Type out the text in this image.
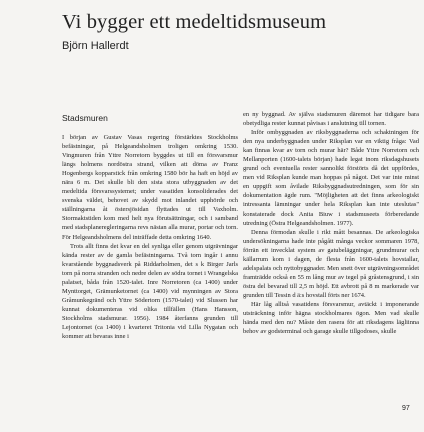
Vi bygger ett medeltidsmuseum
Björn Hallerdt
Stadsmuren

I början av Gustav Vasas regering förstärktes Stockholms befästningar, på Helgeandsholmen troligen omkring 1530. Vingmuren från Yttre Norretorn byggdes ut till en försvarsmur längs holmens nordöstra strand, vilken att döma av Franz Hogenbergs kopparstick från omkring 1580 bör ha haft en höjd av nära 6 m. Det skulle bli den sista stora utbyggnaden av det medeltida försvarssystemet; under vasatiden konsoliderades det svenska väldet, behovet av skydd mot inlandet upphörde och ställningarna åt östersjösidan flyttades ut till Vaxholm. Stormaktstiden kom med helt nya förutsättningar, och i samband med stadsplaneregleringarna revs nästan alla murar, portar och torn. För Helgeandsholmens del inträffade detta omkring 1640.

Trots allt finns det kvar en del synliga eller genom utgrävningar kända rester av de gamla befästningarna. Två torn ingår i annu kvarstående byggnadsverk på Riddarholmen, det s k Birger Jarls torn på norra stranden och nedre delen av södra tornet i Wrangelska palatset, båda från 1520-talet. Inre Norretoren (ca 1400) under Mynttorget, Grämunketornet (ca 1400) vid mynningen av Stora Gråmunkegränd och Yttre Södertorn (1570-talet) vid Slussen har kunnat dokumenteras vid olika tillfällen (Hans Hansson, Stockholms stadsmurar. 1956). 1984 återfanns grunden till Lejontornet (ca 1400) i kvarteret Tritonia vid Lilla Nygatan och kommer att bevaras inne i

en ny byggnad. Av själva stadsmuren däremot har tidigare bara obetydliga rester kunnat påvisas i anslutning till tornen.

Inför ombyggnaden av riksbyggnaderna och schaktningen för den nya underbyggnaden under Riksplan var en viktig fråga: Vad kan finnas kvar av torn och murar här? Både Yttre Norretorn och Mellanporten (1600-talets början) hade legat inom riksdagshusets grund och eventuella rester sannolikt förstörts då det uppfördes, men vid Riksplan kunde man hoppas på något. Det var inte minst en uppgift som åvilade Riksbyggnadsutredningen, som för sin dokumentation ägde rum. "Möjligheten att det finns arkeologiskt intressanta lämningar under hela Riksplan kan inte uteslutas" konstaterade dock Anita Biuw i stadsmuseets förberedande utredning (Östra Helgeandsholmen. 1977).

Denna förmodan skulle i rikt mått besannas. De arkeologiska undersökningarna hade inte pågått många veckor sommaren 1978, förrän ett invecklat system av gatubeläggningar, grundmurar och källarrum kom i dagen, de flesta från 1600-talets hovstallar, adelspalats och nyttobyggnader. Men snett över utgrävningsområdet framträdde också en 55 m lång mur av tegel på gråstensgrund, i sin östra del bevarad till 2,5 m höjd. Ett avbrott på 8 m markerade var grunden till Tessin d ä:s hovstall förts ner 1674.

Här låg alltså vasatidens försvarsmur, avtäckt i imponerande utsträckning inför hägna stockholmares ögon. Men vad skulle hända med den nu? Måste den rasera för att riksdagens lägliinna behov av godsterminal och garage skulle tillgodoses, skulle

97
